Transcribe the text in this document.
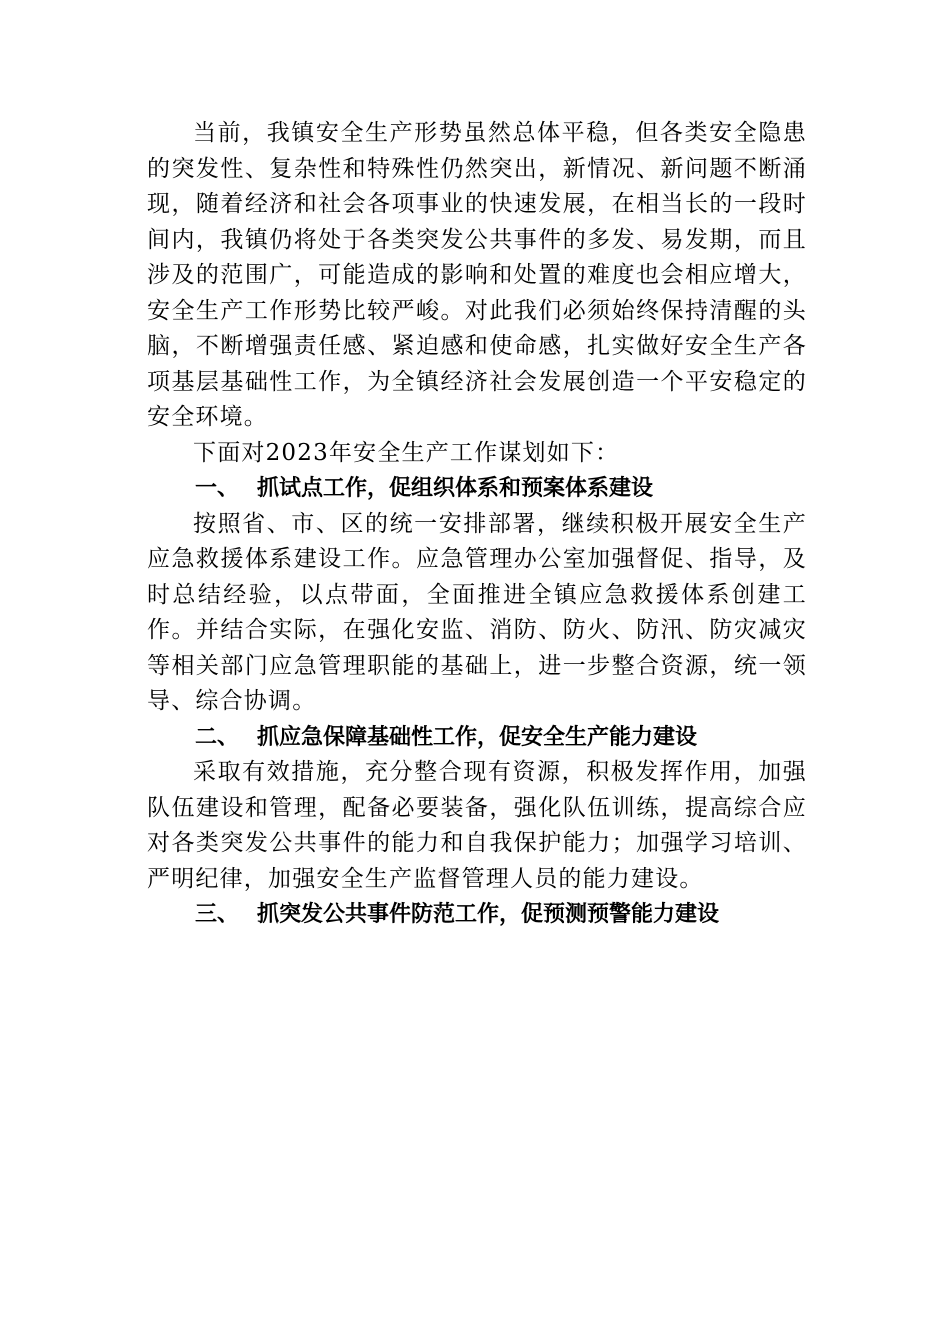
当前，我镇安全生产形势虽然总体平稳，但各类安全隐患的突发性、复杂性和特殊性仍然突出，新情况、新问题不断涌现，随着经济和社会各项事业的快速发展，在相当长的一段时间内，我镇仍将处于各类突发公共事件的多发、易发期，而且涉及的范围广，可能造成的影响和处置的难度也会相应增大，安全生产工作形势比较严峻。对此我们必须始终保持清醒的头脑，不断增强责任感、紧迫感和使命感，扎实做好安全生产各项基层基础性工作，为全镇经济社会发展创造一个平安稳定的安全环境。

下面对2023年安全生产工作谋划如下：

一、 抓试点工作，促组织体系和预案体系建设

按照省、市、区的统一安排部署，继续积极开展安全生产应急救援体系建设工作。应急管理办公室加强督促、指导，及时总结经验，以点带面，全面推进全镇应急救援体系创建工作。并结合实际，在强化安监、消防、防火、防汛、防灾减灾等相关部门应急管理职能的基础上，进一步整合资源，统一领导、综合协调。

二、 抓应急保障基础性工作，促安全生产能力建设

采取有效措施，充分整合现有资源，积极发挥作用，加强队伍建设和管理，配备必要装备，强化队伍训练，提高综合应对各类突发公共事件的能力和自我保护能力；加强学习培训、严明纪律，加强安全生产监督管理人员的能力建设。

三、 抓突发公共事件防范工作，促预测预警能力建设
